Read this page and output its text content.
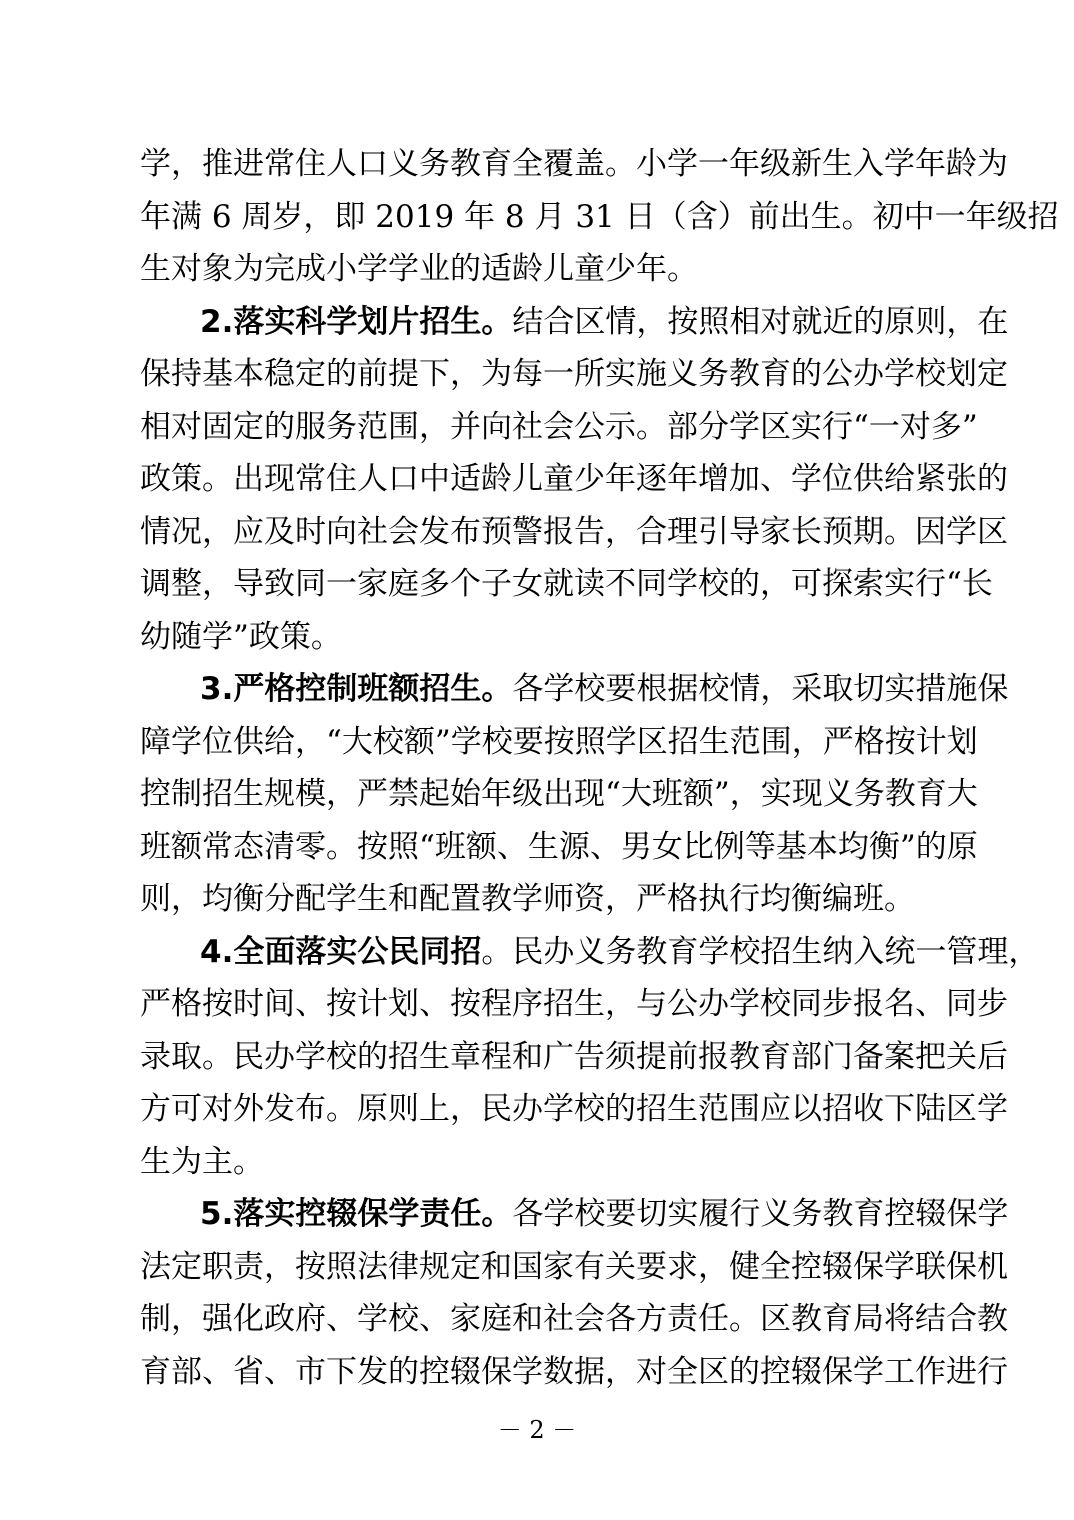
学，推进常住人口义务教育全覆盖。小学一年级新生入学年龄为
年满 6 周岁，即 2019 年 8 月 31 日（含）前出生。初中一年级招
生对象为完成小学学业的适龄儿童少年。
2.落实科学划片招生。结合区情，按照相对就近的原则，在
保持基本稳定的前提下，为每一所实施义务教育的公办学校划定
相对固定的服务范围，并向社会公示。部分学区实行“一对多”
政策。出现常住人口中适龄儿童少年逐年增加、学位供给紧张的
情况，应及时向社会发布预警报告，合理引导家长预期。因学区
调整，导致同一家庭多个子女就读不同学校的，可探索实行“长
幼随学”政策。
3.严格控制班额招生。各学校要根据校情，采取切实措施保
障学位供给，“大校额”学校要按照学区招生范围，严格按计划
控制招生规模，严禁起始年级出现“大班额”，实现义务教育大
班额常态清零。按照“班额、生源、男女比例等基本均衡”的原
则，均衡分配学生和配置教学师资，严格执行均衡编班。
4.全面落实公民同招。民办义务教育学校招生纳入统一管理，
严格按时间、按计划、按程序招生，与公办学校同步报名、同步
录取。民办学校的招生章程和广告须提前报教育部门备案把关后
方可对外发布。原则上，民办学校的招生范围应以招收下陆区学
生为主。
5.落实控辍保学责任。各学校要切实履行义务教育控辍保学
法定职责，按照法律规定和国家有关要求，健全控辍保学联保机
制，强化政府、学校、家庭和社会各方责任。区教育局将结合教
育部、省、市下发的控辍保学数据，对全区的控辍保学工作进行
－ 2 －
